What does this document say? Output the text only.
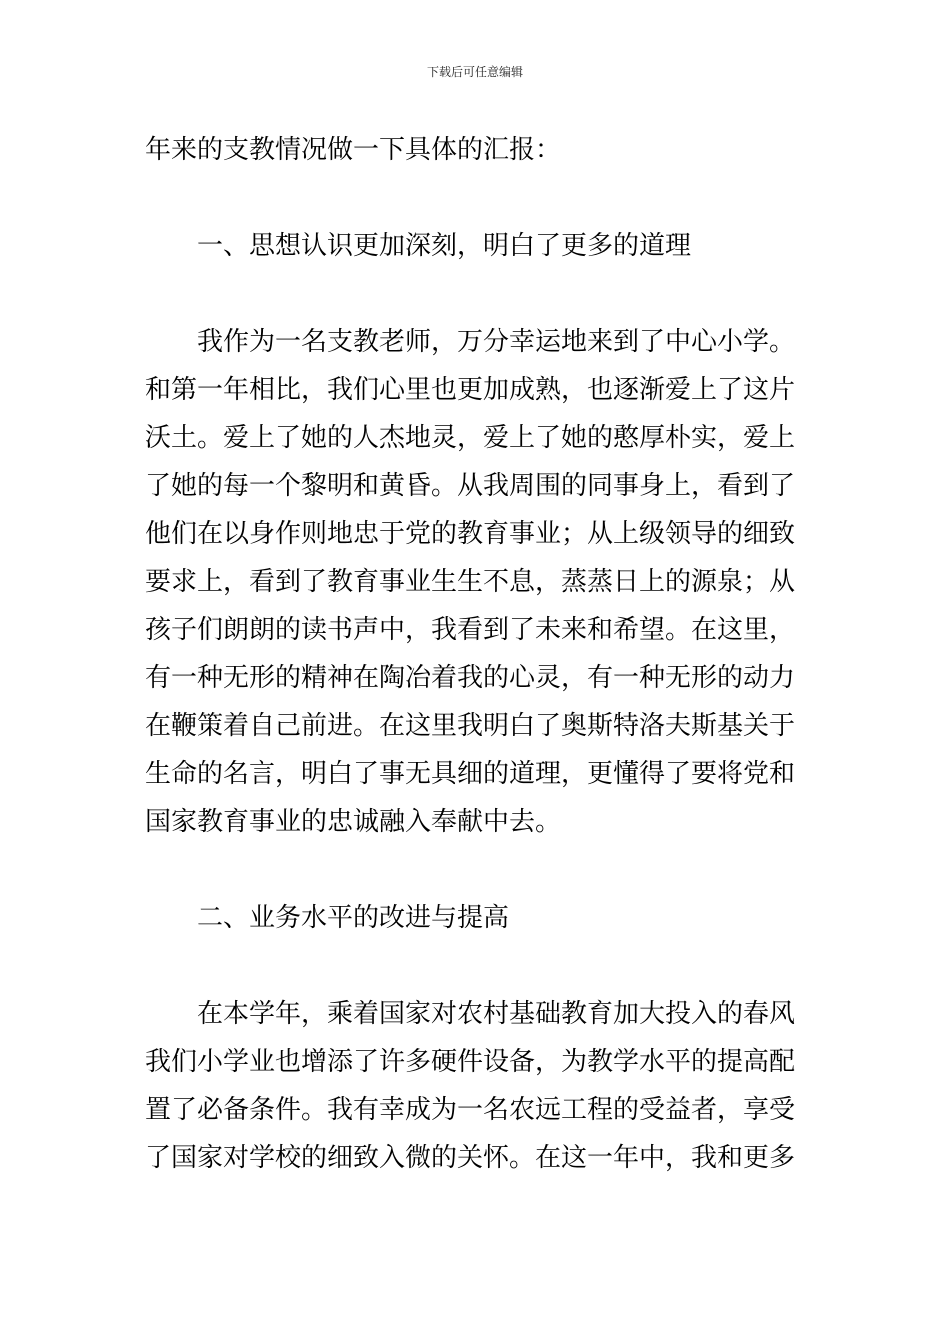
下载后可任意编辑
年来的支教情况做一下具体的汇报：
一、思想认识更加深刻，明白了更多的道理
我作为一名支教老师，万分幸运地来到了中心小学。
和第一年相比，我们心里也更加成熟，也逐渐爱上了这片
沃土。爱上了她的人杰地灵，爱上了她的憨厚朴实，爱上
了她的每一个黎明和黄昏。从我周围的同事身上，看到了
他们在以身作则地忠于党的教育事业；从上级领导的细致
要求上，看到了教育事业生生不息，蒸蒸日上的源泉；从
孩子们朗朗的读书声中，我看到了未来和希望。在这里，
有一种无形的精神在陶冶着我的心灵，有一种无形的动力
在鞭策着自己前进。在这里我明白了奥斯特洛夫斯基关于
生命的名言，明白了事无具细的道理，更懂得了要将党和
国家教育事业的忠诚融入奉献中去。
二、业务水平的改进与提高
在本学年，乘着国家对农村基础教育加大投入的春风
我们小学业也增添了许多硬件设备，为教学水平的提高配
置了必备条件。我有幸成为一名农远工程的受益者，享受
了国家对学校的细致入微的关怀。在这一年中，我和更多
